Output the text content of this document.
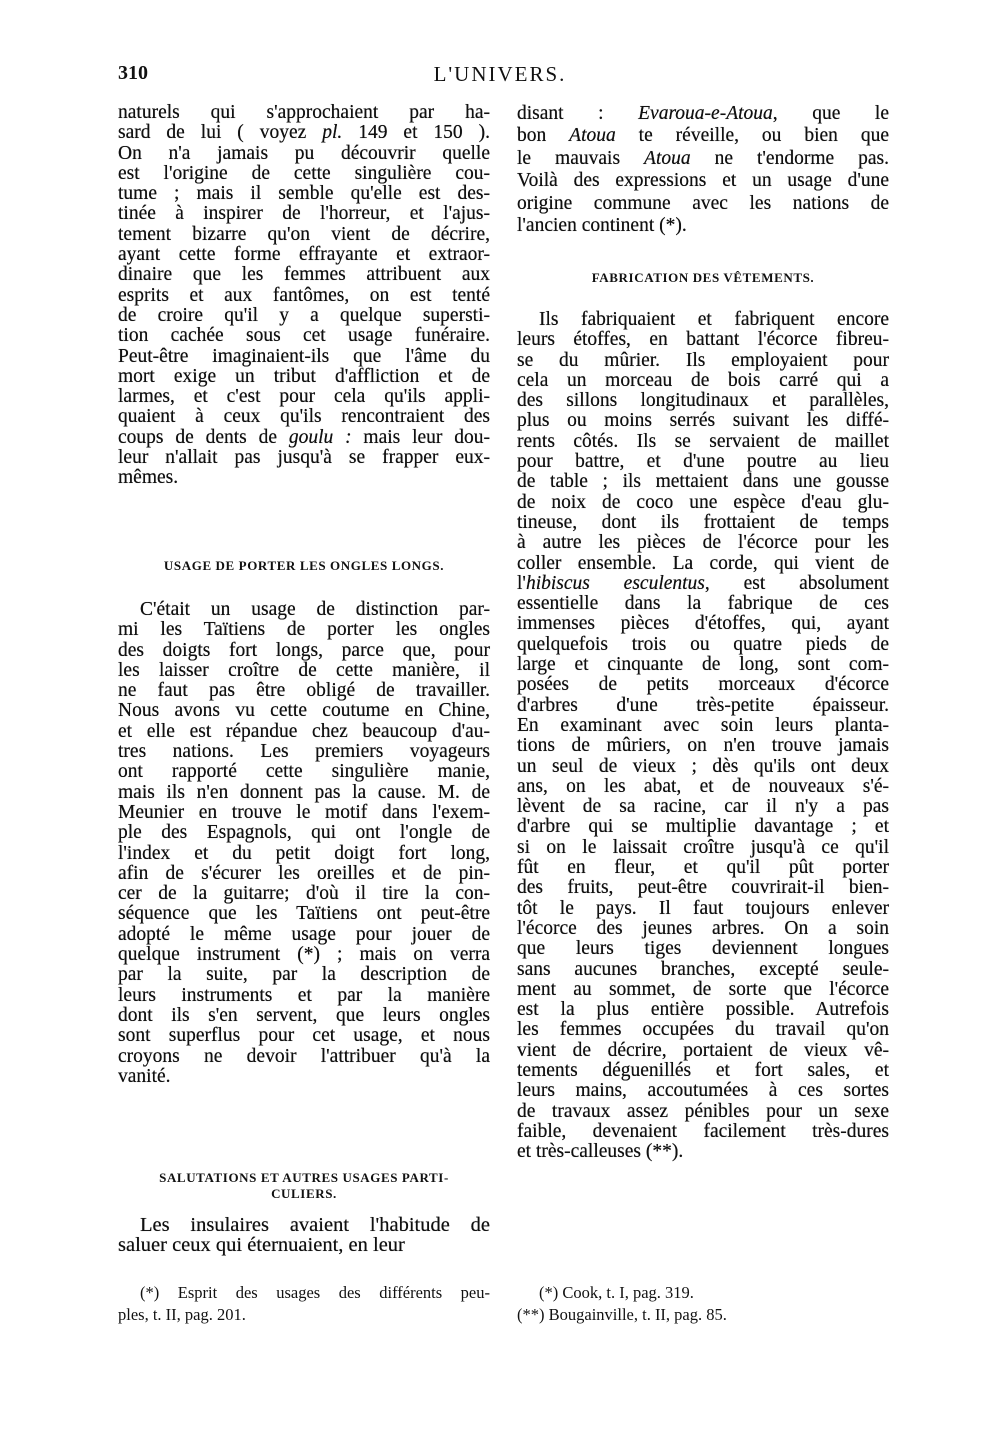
310	L'UNIVERS.
naturels qui s'approchaient par ha-
sard de lui ( voyez pl. 149 et 150 ).
On n'a jamais pu découvrir quelle
est l'origine de cette singulière cou-
tume ; mais il semble qu'elle est des-
tinée à inspirer de l'horreur, et l'ajus-
tement bizarre qu'on vient de décrire,
ayant cette forme effrayante et extraor-
dinaire que les femmes attribuent aux
esprits et aux fantômes, on est tenté
de croire qu'il y a quelque supersti-
tion cachée sous cet usage funéraire.
Peut-être imaginaient-ils que l'âme du
mort exige un tribut d'affliction et de
larmes, et c'est pour cela qu'ils appli-
quaient à ceux qu'ils rencontraient des
coups de dents de goulu : mais leur dou-
leur n'allait pas jusqu'à se frapper eux-
mêmes.
USAGE DE PORTER LES ONGLES LONGS.
C'était un usage de distinction par-
mi les Taïtiens de porter les ongles
des doigts fort longs, parce que, pour
les laisser croître de cette manière, il
ne faut pas être obligé de travailler.
Nous avons vu cette coutume en Chine,
et elle est répandue chez beaucoup d'au-
tres nations. Les premiers voyageurs
ont rapporté cette singulière manie,
mais ils n'en donnent pas la cause. M. de
Meunier en trouve le motif dans l'exem-
ple des Espagnols, qui ont l'ongle de
l'index et du petit doigt fort long,
afin de s'écurer les oreilles et de pin-
cer de la guitarre; d'où il tire la con-
séquence que les Taïtiens ont peut-être
adopté le même usage pour jouer de
quelque instrument (*) ; mais on verra
par la suite, par la description de
leurs instruments et par la manière
dont ils s'en servent, que leurs ongles
sont superflus pour cet usage, et nous
croyons ne devoir l'attribuer qu'à la
vanité.
SALUTATIONS ET AUTRES USAGES PARTI-
CULIERS.
Les insulaires avaient l'habitude de
saluer ceux qui éternuaient, en leur
(*) Esprit des usages des différents peu-
ples, t. II, pag. 201.
disant : Evaroua-e-Atoua, que le
bon Atoua te réveille, ou bien que
le mauvais Atoua ne t'endorme pas.
Voilà des expressions et un usage d'une
origine commune avec les nations de
l'ancien continent (*).
FABRICATION DES VÊTEMENTS.
Ils fabriquaient et fabriquent encore
leurs étoffes, en battant l'écorce fibreu-
se du mûrier. Ils employaient pour
cela un morceau de bois carré qui a
des sillons longitudinaux et parallèles,
plus ou moins serrés suivant les diffé-
rents côtés. Ils se servaient de maillet
pour battre, et d'une poutre au lieu
de table ; ils mettaient dans une gousse
de noix de coco une espèce d'eau glu-
tineuse, dont ils frottaient de temps
à autre les pièces de l'écorce pour les
coller ensemble. La corde, qui vient de
l'hibiscus esculentus, est absolument
essentielle dans la fabrique de ces
immenses pièces d'étoffes, qui, ayant
quelquefois trois ou quatre pieds de
large et cinquante de long, sont com-
posées de petits morceaux d'écorce
d'arbres d'une très-petite épaisseur.
En examinant avec soin leurs planta-
tions de mûriers, on n'en trouve jamais
un seul de vieux ; dès qu'ils ont deux
ans, on les abat, et de nouveaux s'é-
lèvent de sa racine, car il n'y a pas
d'arbre qui se multiplie davantage ; et
si on le laissait croître jusqu'à ce qu'il
fût en fleur, et qu'il pût porter
des fruits, peut-être couvrirait-il bien-
tôt le pays. Il faut toujours enlever
l'écorce des jeunes arbres. On a soin
que leurs tiges deviennent longues
sans aucunes branches, excepté seule-
ment au sommet, de sorte que l'écorce
est la plus entière possible. Autrefois
les femmes occupées du travail qu'on
vient de décrire, portaient de vieux vê-
tements déguenillés et fort sales, et
leurs mains, accoutumées à ces sortes
de travaux assez pénibles pour un sexe
faible, devenaient facilement très-dures
et très-calleuses (**).
(*) Cook, t. I, pag. 319.
(**) Bougainville, t. II, pag. 85.
